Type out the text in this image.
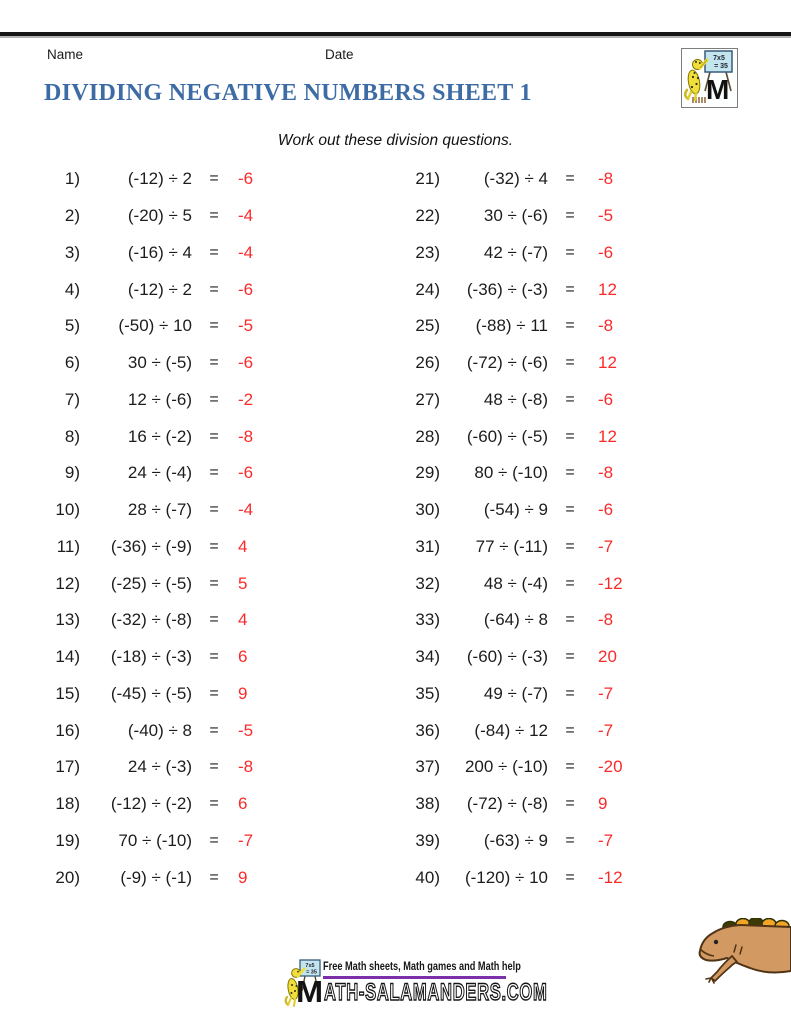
Name	Date	7x5
= 35
M
DIVIDING NEGATIVE NUMBERS SHEET 1
Work out these division questions.
1)	(-12) ÷ 2	=	-6
2)	(-20) ÷ 5	=	-4
3)	(-16) ÷ 4	=	-4
4)	(-12) ÷ 2	=	-6
5)	(-50) ÷ 10	=	-5
6)	30 ÷ (-5)	=	-6
7)	12 ÷ (-6)	=	-2
8)	16 ÷ (-2)	=	-8
9)	24 ÷ (-4)	=	-6
10)	28 ÷ (-7)	=	-4
11)	(-36) ÷ (-9)	=	4
12)	(-25) ÷ (-5)	=	5
13)	(-32) ÷ (-8)	=	4
14)	(-18) ÷ (-3)	=	6
15)	(-45) ÷ (-5)	=	9
16)	(-40) ÷ 8	=	-5
17)	24 ÷ (-3)	=	-8
18)	(-12) ÷ (-2)	=	6
19)	70 ÷ (-10)	=	-7
20)	(-9) ÷ (-1)	=	9
21)	(-32) ÷ 4	=	-8
22)	30 ÷ (-6)	=	-5
23)	42 ÷ (-7)	=	-6
24)	(-36) ÷ (-3)	=	12
25)	(-88) ÷ 11	=	-8
26)	(-72) ÷ (-6)	=	12
27)	48 ÷ (-8)	=	-6
28)	(-60) ÷ (-5)	=	12
29)	80 ÷ (-10)	=	-8
30)	(-54) ÷ 9	=	-6
31)	77 ÷ (-11)	=	-7
32)	48 ÷ (-4)	=	-12
33)	(-64) ÷ 8	=	-8
34)	(-60) ÷ (-3)	=	20
35)	49 ÷ (-7)	=	-7
36)	(-84) ÷ 12	=	-7
37)	200 ÷ (-10)	=	-20
38)	(-72) ÷ (-8)	=	9
39)	(-63) ÷ 9	=	-7
40)	(-120) ÷ 10	=	-12
7x5
= 35
M
Free Math sheets, Math games and Math help
ATH-SALAMANDERS.COM
